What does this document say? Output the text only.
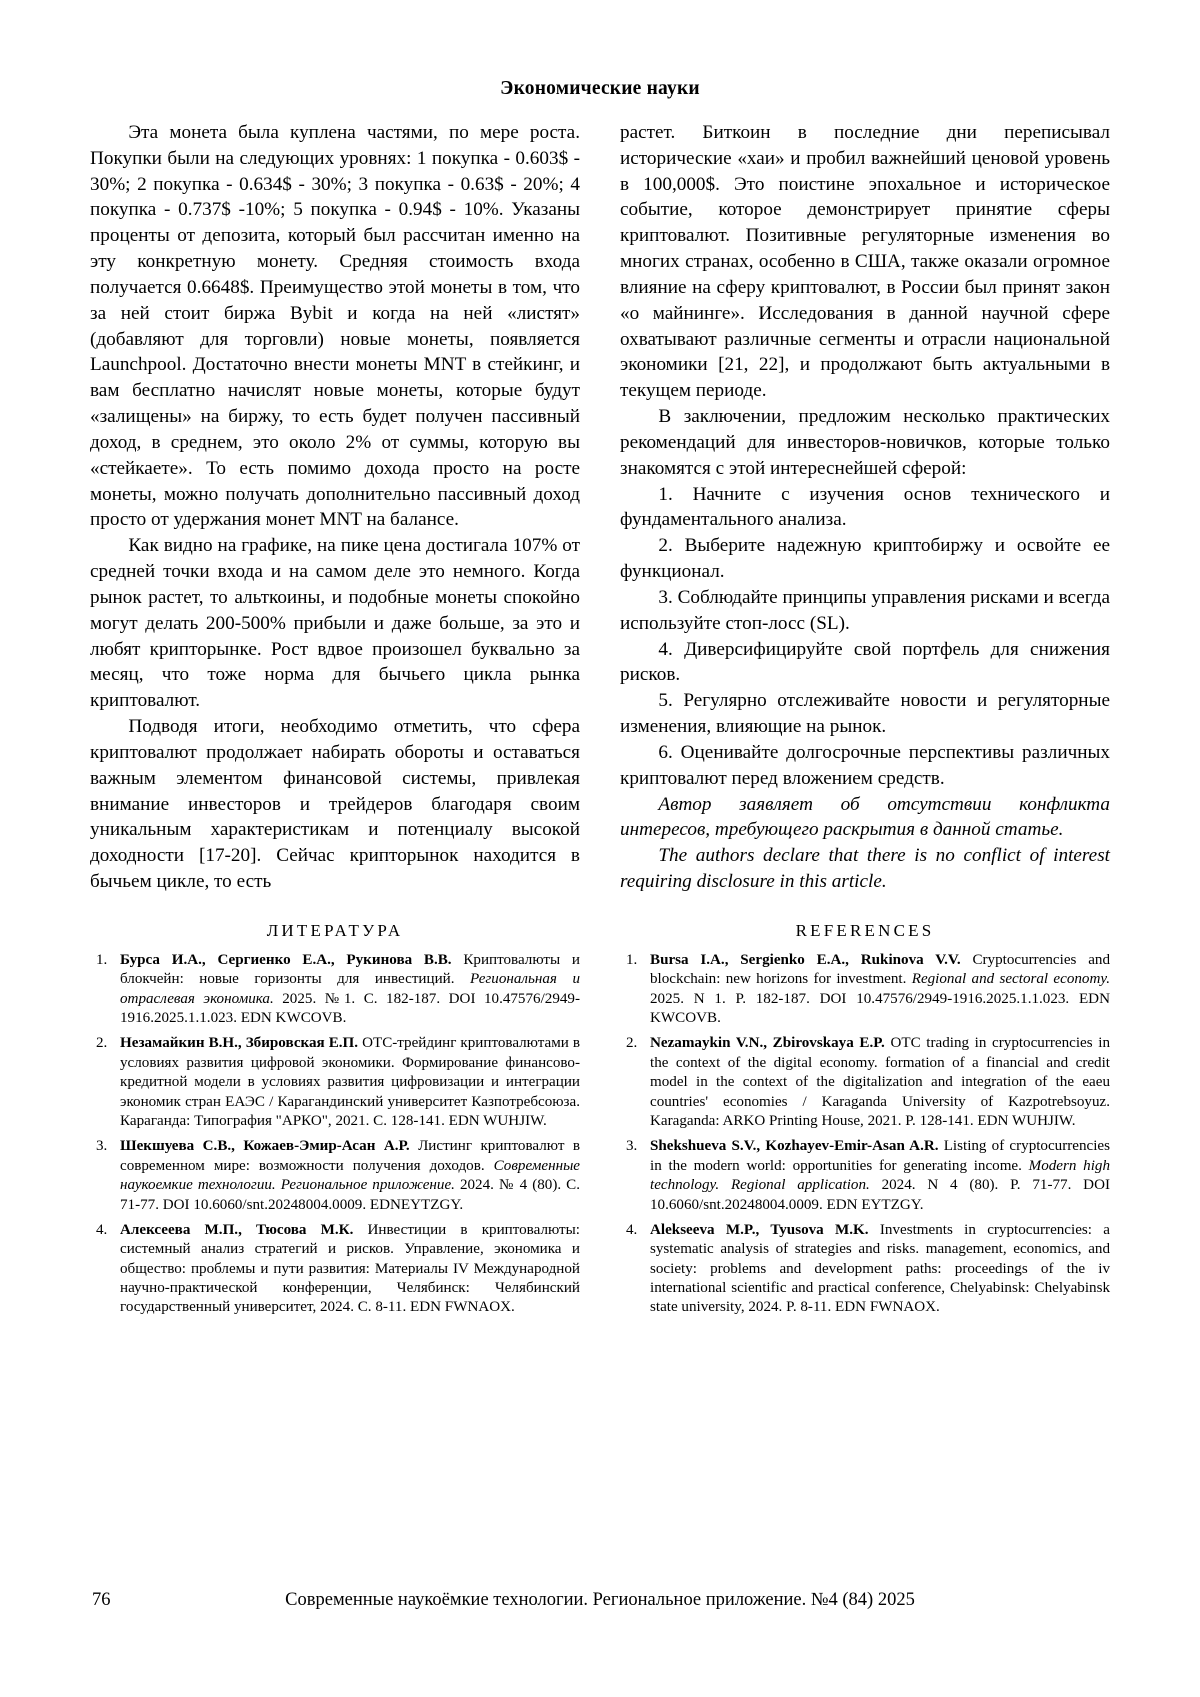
Экономические науки

Эта монета была куплена частями, по мере роста. Покупки были на следующих уровнях: 1 покупка - 0.603$ - 30%; 2 покупка - 0.634$ - 30%; 3 покупка - 0.63$ - 20%; 4 покупка - 0.737$ -10%; 5 покупка - 0.94$ - 10%. Указаны проценты от депозита, который был рассчитан именно на эту конкретную монету. Средняя стоимость входа получается 0.6648$. Преимущество этой монеты в том, что за ней стоит биржа Bybit и когда на ней «листят» (добавляют для торговли) новые монеты, появляется Launchpool. Достаточно внести монеты MNT в стейкинг, и вам бесплатно начислят новые монеты, которые будут «залищены» на биржу, то есть будет получен пассивный доход, в среднем, это около 2% от суммы, которую вы «стейкаете». То есть помимо дохода просто на росте монеты, можно получать дополнительно пассивный доход просто от удержания монет MNT на балансе.

Как видно на графике, на пике цена достигала 107% от средней точки входа и на самом деле это немного. Когда рынок растет, то альткоины, и подобные монеты спокойно могут делать 200-500% прибыли и даже больше, за это и любят крипторынке. Рост вдвое произошел буквально за месяц, что тоже норма для бычьего цикла рынка криптовалют.

Подводя итоги, необходимо отметить, что сфера криптовалют продолжает набирать обороты и оставаться важным элементом финансовой системы, привлекая внимание инвесторов и трейдеров благодаря своим уникальным характеристикам и потенциалу высокой доходности [17-20]. Сейчас крипторынок находится в бычьем цикле, то есть

ЛИТЕРАТУРА
Бурса И.А., Сергиенко Е.А., Рукинова В.В. Криптовалюты и блокчейн: новые горизонты для инвестиций. Региональная и отраслевая экономика. 2025. №1. С. 182-187. DOI 10.47576/2949-1916.2025.1.1.023. EDN KWCOVB.
Незамайкин В.Н., Збировская Е.П. ОТС-трейдинг криптовалютами в условиях развития цифровой экономики. Формирование финансово-кредитной модели в условиях развития цифровизации и интеграции экономик стран ЕАЭС / Карагандинский университет Казпотребсоюза. Караганда: Типография "АРКО", 2021. С. 128-141. EDN WUHJIW.
Шекшуева С.В., Кожаев-Эмир-Асан А.Р. Листинг криптовалют в современном мире: возможности получения доходов. Современные наукоемкие технологии. Региональное приложение. 2024. № 4 (80). С. 71-77. DOI 10.6060/snt.20248004.0009. EDNEYTZGY.
Алексеева М.П., Тюсова М.К. Инвестиции в криптовалюты: системный анализ стратегий и рисков. Управление, экономика и общество: проблемы и пути развития: Материалы IV Международной научно-практической конференции, Челябинск: Челябинский государственный университет, 2024. С. 8-11. EDN FWNAOX.

растет. Биткоин в последние дни переписывал исторические «хаи» и пробил важнейший ценовой уровень в 100,000$. Это поистине эпохальное и историческое событие, которое демонстрирует принятие сферы криптовалют. Позитивные регуляторные изменения во многих странах, особенно в США, также оказали огромное влияние на сферу криптовалют, в России был принят закон «о майнинге». Исследования в данной научной сфере охватывают различные сегменты и отрасли национальной экономики [21, 22], и продолжают быть актуальными в текущем периоде.

В заключении, предложим несколько практических рекомендаций для инвесторов-новичков, которые только знакомятся с этой интереснейшей сферой:

1. Начните с изучения основ технического и фундаментального анализа.

2. Выберите надежную криптобиржу и освойте ее функционал.

3. Соблюдайте принципы управления рисками и всегда используйте стоп-лосс (SL).

4. Диверсифицируйте свой портфель для снижения рисков.

5. Регулярно отслеживайте новости и регуляторные изменения, влияющие на рынок.

6. Оценивайте долгосрочные перспективы различных криптовалют перед вложением средств.

Автор заявляет об отсутствии конфликта интересов, требующего раскрытия в данной статье.

The authors declare that there is no conflict of interest requiring disclosure in this article.

REFERENCES
Bursa I.A., Sergienko E.A., Rukinova V.V. Cryptocurrencies and blockchain: new horizons for investment. Regional and sectoral economy. 2025. N 1. P. 182-187. DOI 10.47576/2949-1916.2025.1.1.023. EDN KWCOVB.
Nezamaykin V.N., Zbirovskaya E.P. OTC trading in cryptocurrencies in the context of the digital economy. formation of a financial and credit model in the context of the digitalization and integration of the eaeu countries' economies / Karaganda University of Kazpotrebsoyuz. Karaganda: ARKO Printing House, 2021. P. 128-141. EDN WUHJIW.
Shekshueva S.V., Kozhayev-Emir-Asan A.R. Listing of cryptocurrencies in the modern world: opportunities for generating income. Modern high technology. Regional application. 2024. N 4 (80). P. 71-77. DOI 10.6060/snt.20248004.0009. EDN EYTZGY.
Alekseeva M.P., Tyusova M.K. Investments in cryptocurrencies: a systematic analysis of strategies and risks. management, economics, and society: problems and development paths: proceedings of the iv international scientific and practical conference, Chelyabinsk: Chelyabinsk state university, 2024. P. 8-11. EDN FWNAOX.
76	Современные наукоёмкие технологии. Региональное приложение. №4 (84) 2025
